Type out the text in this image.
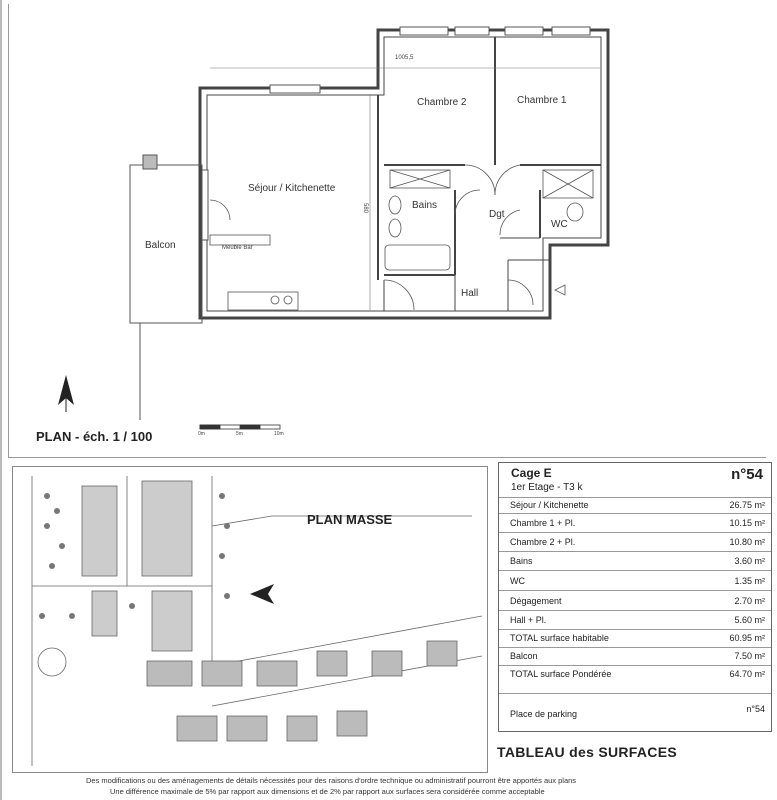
1005,5
580
Séjour / Kitchenette
Chambre 2	Chambre 1
Bains
Dgt
WC
Hall
Balcon	Meuble Bar
PLAN - éch. 1 / 100	0m	5m	10m
PLAN MASSE
Cage E	n°54
1er Etage - T3 k
Séjour / Kitchenette	26.75 m²
Chambre 1 + Pl.	10.15 m²
Chambre 2 + Pl.	10.80 m²
Bains	3.60 m²
WC	1.35 m²
Dégagement	2.70 m²
Hall + Pl.	5.60 m²
TOTAL surface habitable	60.95 m²
Balcon	7.50 m²
TOTAL surface Pondérée	64.70 m²
Place de parking	n°54
TABLEAU des SURFACES
Des modifications ou des aménagements de détails nécessités pour des raisons d'ordre technique ou administratif pourront être apportés aux plans
Une différence maximale de 5% par rapport aux dimensions et de 2% par rapport aux surfaces sera considérée comme acceptable
